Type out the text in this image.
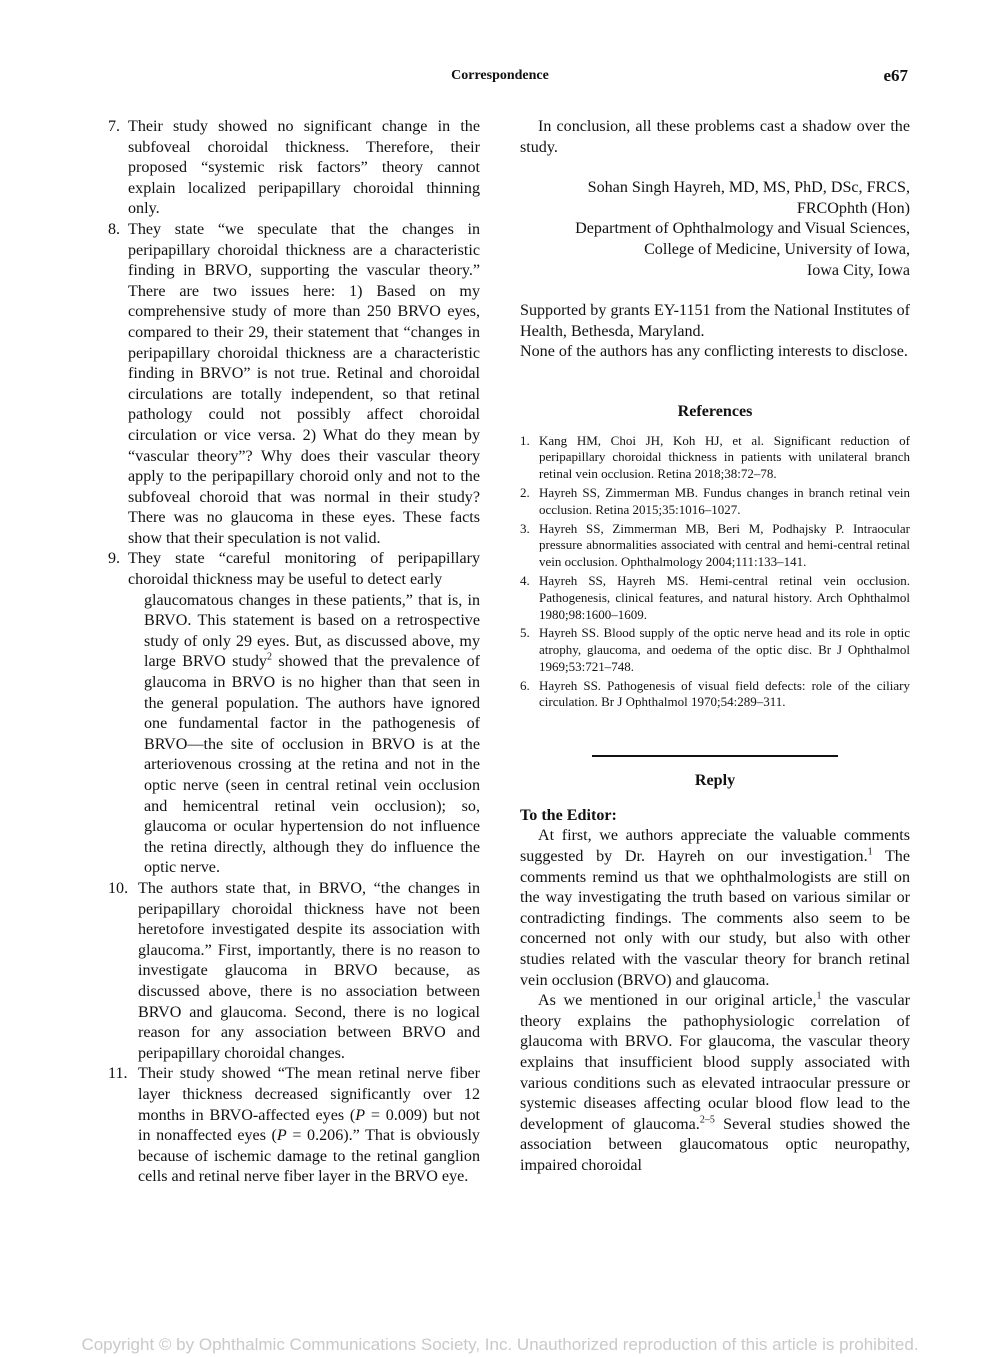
Correspondence	e67
7. Their study showed no significant change in the subfoveal choroidal thickness. Therefore, their proposed “systemic risk factors” theory cannot explain localized peripapillary choroidal thinning only.

8. They state “we speculate that the changes in peripapillary choroidal thickness are a characteristic finding in BRVO, supporting the vascular theory.” There are two issues here: 1) Based on my comprehensive study of more than 250 BRVO eyes, compared to their 29, their statement that “changes in peripapillary choroidal thickness are a characteristic finding in BRVO” is not true. Retinal and choroidal circulations are totally independent, so that retinal pathology could not possibly affect choroidal circulation or vice versa. 2) What do they mean by “vascular theory”? Why does their vascular theory apply to the peripapillary choroid only and not to the subfoveal choroid that was normal in their study? There was no glaucoma in these eyes. These facts show that their speculation is not valid.

9. They state “careful monitoring of peripapillary choroidal thickness may be useful to detect early

glaucomatous changes in these patients,” that is, in BRVO. This statement is based on a retrospective study of only 29 eyes. But, as discussed above, my large BRVO study$^2$ showed that the prevalence of glaucoma in BRVO is no higher than that seen in the general population. The authors have ignored one fundamental factor in the pathogenesis of BRVO—the site of occlusion in BRVO is at the arteriovenous crossing at the retina and not in the optic nerve (seen in central retinal vein occlusion and hemicentral retinal vein occlusion); so, glaucoma or ocular hypertension do not influence the retina directly, although they do influence the optic nerve.

10. The authors state that, in BRVO, “the changes in peripapillary choroidal thickness have not been heretofore investigated despite its association with glaucoma.” First, importantly, there is no reason to investigate glaucoma in BRVO because, as discussed above, there is no association between BRVO and glaucoma. Second, there is no logical reason for any association between BRVO and peripapillary choroidal changes.

11. Their study showed “The mean retinal nerve fiber layer thickness decreased significantly over 12 months in BRVO-affected eyes (P = 0.009) but not in nonaffected eyes (P = 0.206).” That is obviously because of ischemic damage to the retinal ganglion cells and retinal nerve fiber layer in the BRVO eye.

In conclusion, all these problems cast a shadow over the study.

Sohan Singh Hayreh, MD, MS, PhD, DSc, FRCS,
FRCOphth (Hon)
Department of Ophthalmology and Visual Sciences,
College of Medicine, University of Iowa,
Iowa City, Iowa

Supported by grants EY-1151 from the National Institutes of Health, Bethesda, Maryland.

None of the authors has any conflicting interests to disclose.

References
1. Kang HM, Choi JH, Koh HJ, et al. Significant reduction of peripapillary choroidal thickness in patients with unilateral branch retinal vein occlusion. Retina 2018;38:72–78.
2. Hayreh SS, Zimmerman MB. Fundus changes in branch retinal vein occlusion. Retina 2015;35:1016–1027.
3. Hayreh SS, Zimmerman MB, Beri M, Podhajsky P. Intraocular pressure abnormalities associated with central and hemi-central retinal vein occlusion. Ophthalmology 2004;111:133–141.
4. Hayreh SS, Hayreh MS. Hemi-central retinal vein occlusion. Pathogenesis, clinical features, and natural history. Arch Ophthalmol 1980;98:1600–1609.
5. Hayreh SS. Blood supply of the optic nerve head and its role in optic atrophy, glaucoma, and oedema of the optic disc. Br J Ophthalmol 1969;53:721–748.
6. Hayreh SS. Pathogenesis of visual field defects: role of the ciliary circulation. Br J Ophthalmol 1970;54:289–311.
Reply

To the Editor:

At first, we authors appreciate the valuable comments suggested by Dr. Hayreh on our investigation.$^1$ The comments remind us that we ophthalmologists are still on the way investigating the truth based on various similar or contradicting findings. The comments also seem to be concerned not only with our study, but also with other studies related with the vascular theory for branch retinal vein occlusion (BRVO) and glaucoma.

As we mentioned in our original article,$^1$ the vascular theory explains the pathophysiologic correlation of glaucoma with BRVO. For glaucoma, the vascular theory explains that insufficient blood supply associated with various conditions such as elevated intraocular pressure or systemic diseases affecting ocular blood flow lead to the development of glaucoma.$^{2-5}$ Several studies showed the association between glaucomatous optic neuropathy, impaired choroidal

Copyright © by Ophthalmic Communications Society, Inc. Unauthorized reproduction of this article is prohibited.
